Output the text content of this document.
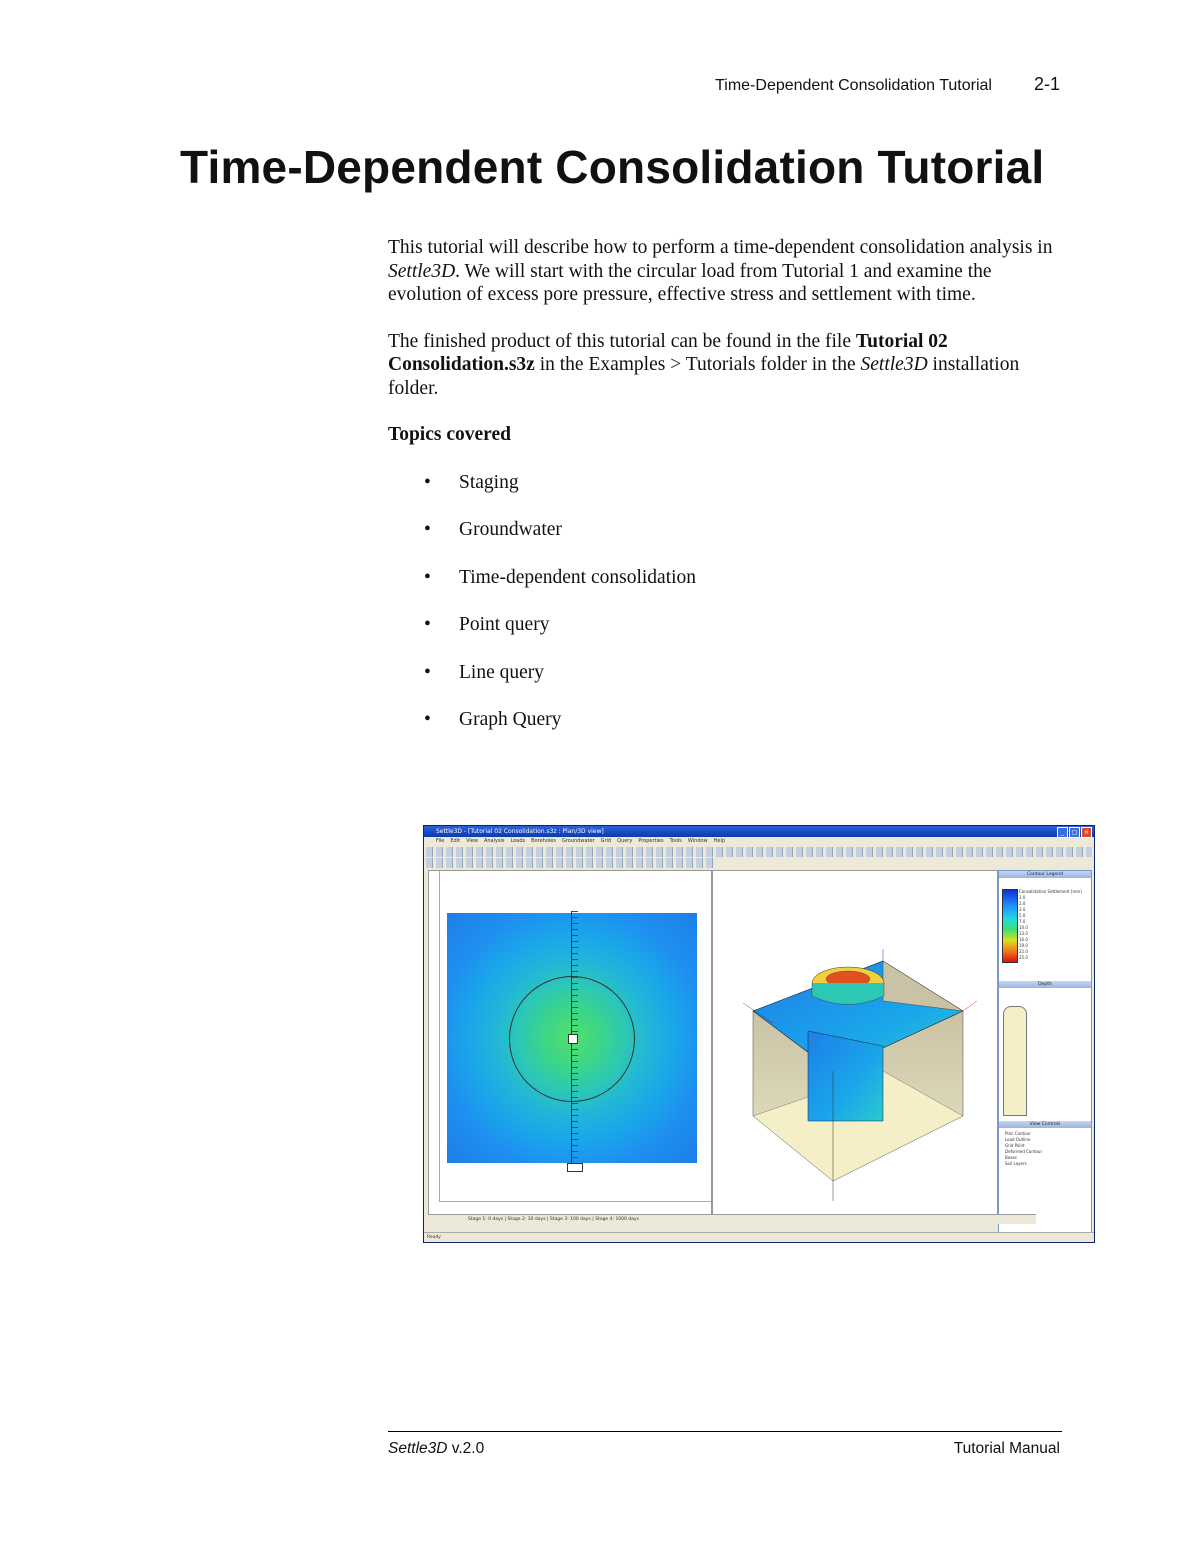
Time-Dependent Consolidation Tutorial 2-1
Time-Dependent Consolidation Tutorial

This tutorial will describe how to perform a time-dependent consolidation analysis in Settle3D. We will start with the circular load from Tutorial 1 and examine the evolution of excess pore pressure, effective stress and settlement with time.

The finished product of this tutorial can be found in the file Tutorial 02 Consolidation.s3z in the Examples > Tutorials folder in the Settle3D installation folder.

Topics covered

• Staging
• Groundwater
• Time-dependent consolidation
• Point query
• Line query
• Graph Query
Settle3D - [Tutorial 02 Consolidation.s3z : Plan/3D view]	_	□	×
File Edit View Analysis Loads Boreholes Groundwater Grid Query Properties Tools Window Help
Contour Legend
Consolidation Settlement [mm]
1.0
2.0
3.0
5.0
7.0
10.0
13.0
16.0
19.0
22.0
25.0
Depth
View Controls
Plan Contour
Load Outline
Grid Point
Deformed Contour
Boxes
Soil Layers
Stage 1: 0 days | Stage 2: 30 days | Stage 3: 100 days | Stage 4: 1000 days
Ready
Settle3D v.2.0	Tutorial Manual
